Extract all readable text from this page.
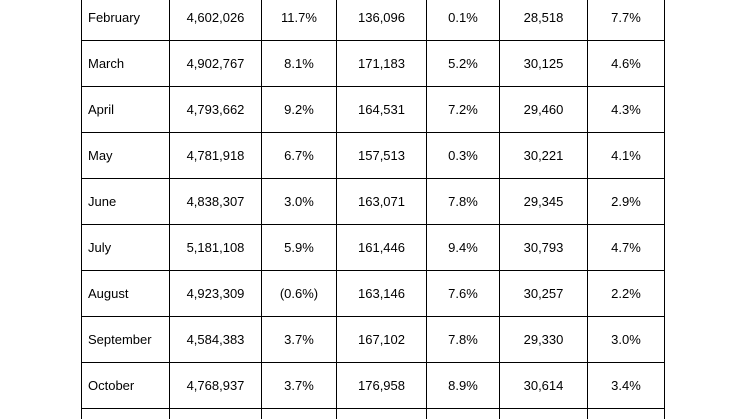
February	4,602,026	11.7%	136,096	0.1%	28,518	7.7%
March	4,902,767	8.1%	171,183	5.2%	30,125	4.6%
April	4,793,662	9.2%	164,531	7.2%	29,460	4.3%
May	4,781,918	6.7%	157,513	0.3%	30,221	4.1%
June	4,838,307	3.0%	163,071	7.8%	29,345	2.9%
July	5,181,108	5.9%	161,446	9.4%	30,793	4.7%
August	4,923,309	(0.6%)	163,146	7.6%	30,257	2.2%
September	4,584,383	3.7%	167,102	7.8%	29,330	3.0%
October	4,768,937	3.7%	176,958	8.9%	30,614	3.4%
